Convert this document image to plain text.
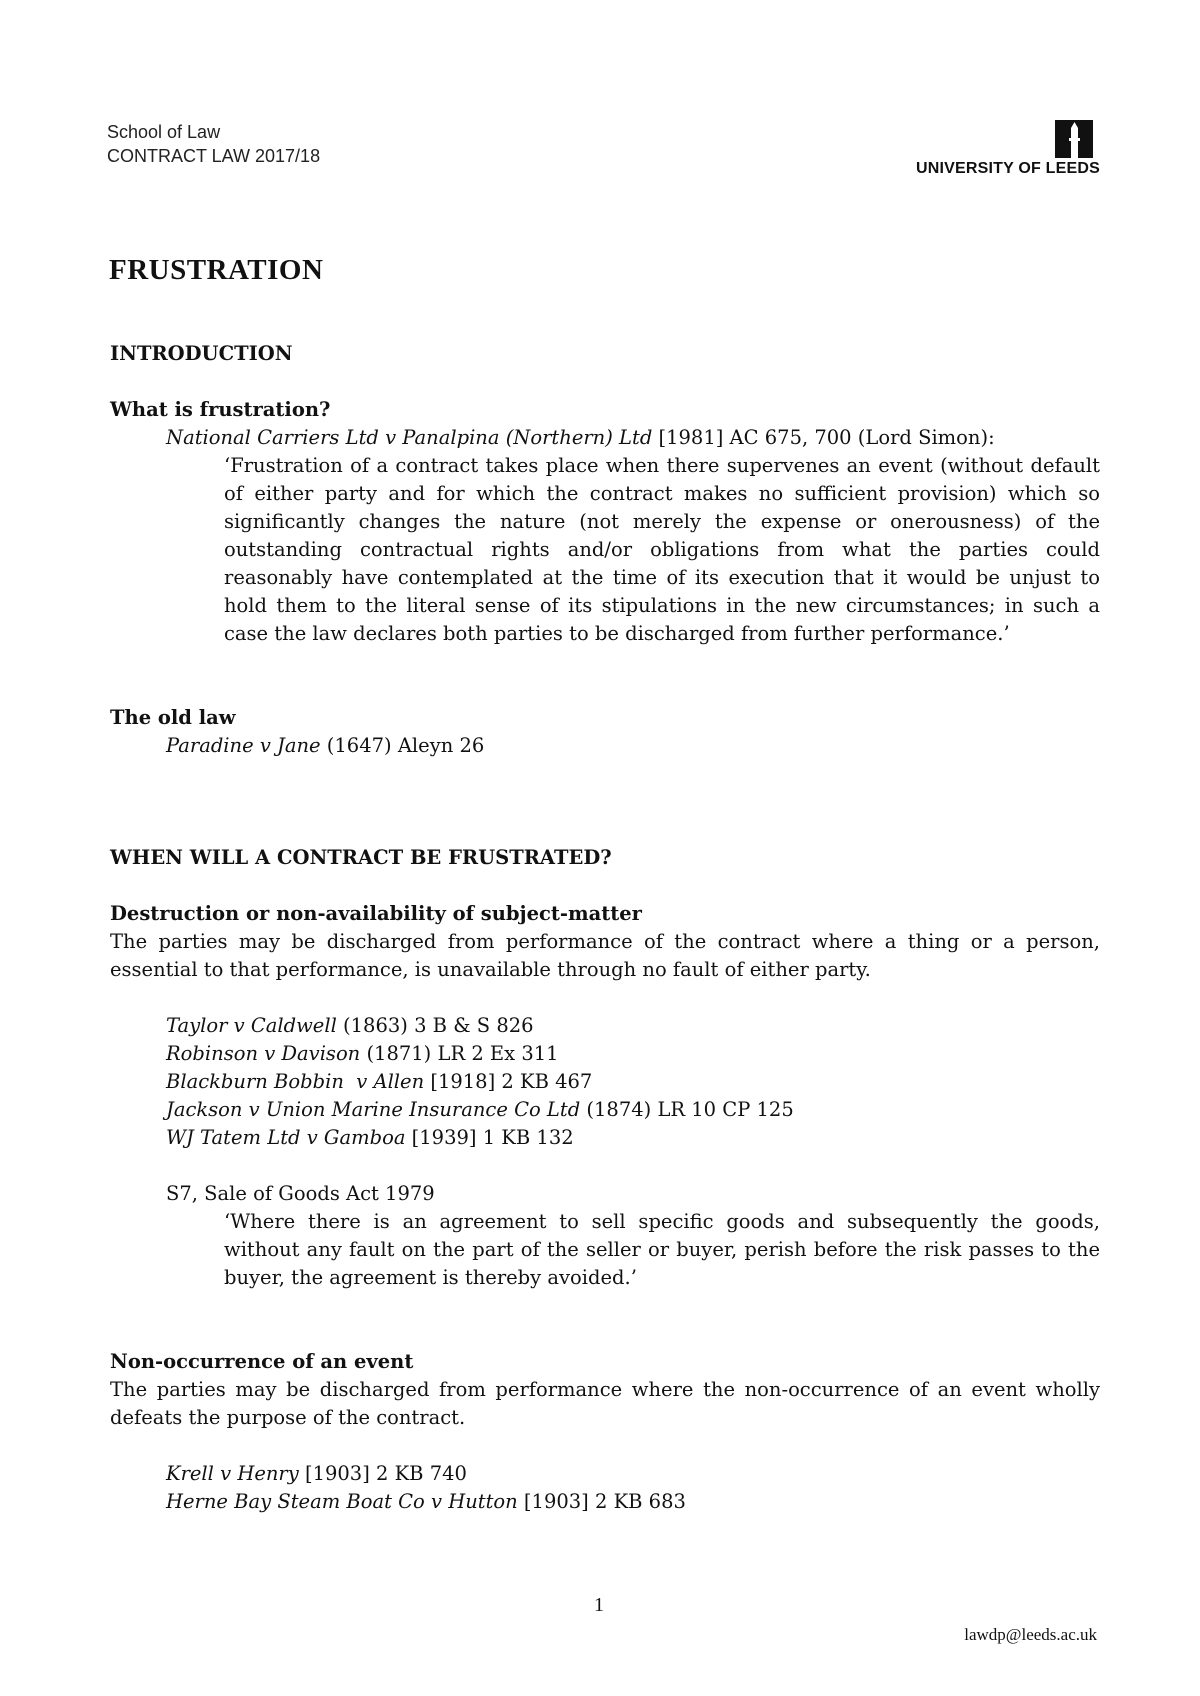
School of Law
CONTRACT LAW 2017/18
UNIVERSITY OF LEEDS
FRUSTRATION
INTRODUCTION
What is frustration?
National Carriers Ltd v Panalpina (Northern) Ltd [1981] AC 675, 700 (Lord Simon):
‘Frustration of a contract takes place when there supervenes an event (without default of either party and for which the contract makes no sufficient provision) which so significantly changes the nature (not merely the expense or onerousness) of the outstanding contractual rights and/or obligations from what the parties could reasonably have contemplated at the time of its execution that it would be unjust to hold them to the literal sense of its stipulations in the new circumstances; in such a case the law declares both parties to be discharged from further performance.’
The old law
Paradine v Jane (1647) Aleyn 26
WHEN WILL A CONTRACT BE FRUSTRATED?
Destruction or non-availability of subject-matter
The parties may be discharged from performance of the contract where a thing or a person, essential to that performance, is unavailable through no fault of either party.
Taylor v Caldwell (1863) 3 B & S 826
Robinson v Davison (1871) LR 2 Ex 311
Blackburn Bobbin  v Allen [1918] 2 KB 467
Jackson v Union Marine Insurance Co Ltd (1874) LR 10 CP 125
WJ Tatem Ltd v Gamboa [1939] 1 KB 132
S7, Sale of Goods Act 1979
‘Where there is an agreement to sell specific goods and subsequently the goods, without any fault on the part of the seller or buyer, perish before the risk passes to the buyer, the agreement is thereby avoided.’
Non-occurrence of an event
The parties may be discharged from performance where the non-occurrence of an event wholly defeats the purpose of the contract.
Krell v Henry [1903] 2 KB 740
Herne Bay Steam Boat Co v Hutton [1903] 2 KB 683
1
lawdp@leeds.ac.uk
